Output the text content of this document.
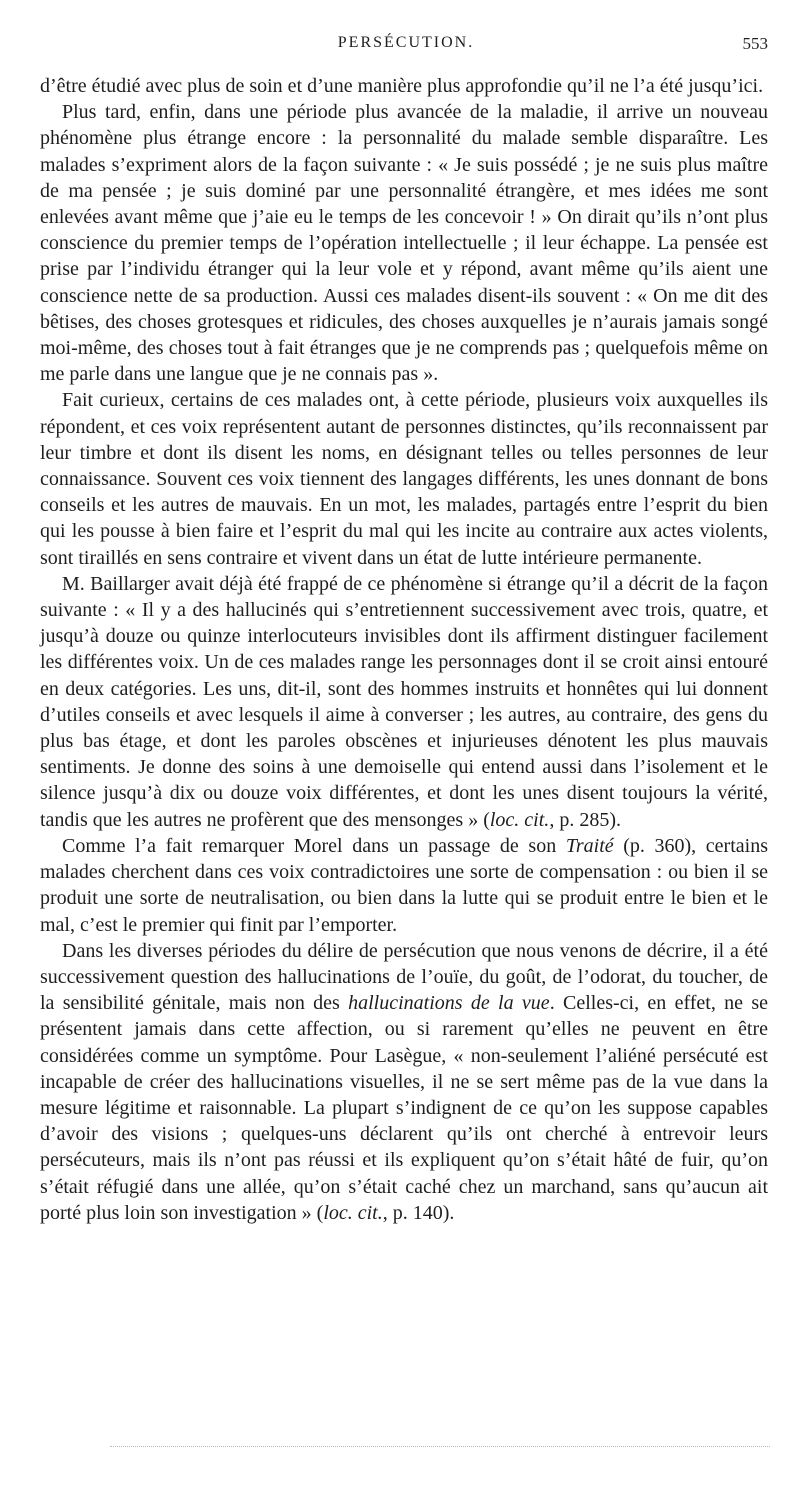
PERSÉCUTION.	553

d’être étudié avec plus de soin et d’une manière plus approfondie qu’il ne l’a été jusqu’ici.

Plus tard, enfin, dans une période plus avancée de la maladie, il arrive un nouveau phénomène plus étrange encore : la personnalité du malade semble disparaître. Les malades s’expriment alors de la façon suivante : « Je suis possédé ; je ne suis plus maître de ma pensée ; je suis dominé par une personnalité étrangère, et mes idées me sont enlevées avant même que j’aie eu le temps de les concevoir ! » On dirait qu’ils n’ont plus conscience du premier temps de l’opération intellectuelle ; il leur échappe. La pensée est prise par l’individu étranger qui la leur vole et y répond, avant même qu’ils aient une conscience nette de sa production. Aussi ces malades disent-ils souvent : « On me dit des bêtises, des choses grotesques et ridicules, des choses auxquelles je n’aurais jamais songé moi-même, des choses tout à fait étranges que je ne comprends pas ; quelquefois même on me parle dans une langue que je ne connais pas ».

Fait curieux, certains de ces malades ont, à cette période, plusieurs voix auxquelles ils répondent, et ces voix représentent autant de personnes distinctes, qu’ils reconnaissent par leur timbre et dont ils disent les noms, en désignant telles ou telles personnes de leur connaissance. Souvent ces voix tiennent des langages différents, les unes donnant de bons conseils et les autres de mauvais. En un mot, les malades, partagés entre l’esprit du bien qui les pousse à bien faire et l’esprit du mal qui les incite au contraire aux actes violents, sont tiraillés en sens contraire et vivent dans un état de lutte intérieure permanente.

M. Baillarger avait déjà été frappé de ce phénomène si étrange qu’il a décrit de la façon suivante : « Il y a des hallucinés qui s’entretiennent successivement avec trois, quatre, et jusqu’à douze ou quinze interlocuteurs invisibles dont ils affirment distinguer facilement les différentes voix. Un de ces malades range les personnages dont il se croit ainsi entouré en deux catégories. Les uns, dit-il, sont des hommes instruits et honnêtes qui lui donnent d’utiles conseils et avec lesquels il aime à converser ; les autres, au contraire, des gens du plus bas étage, et dont les paroles obscènes et injurieuses dénotent les plus mauvais sentiments. Je donne des soins à une demoiselle qui entend aussi dans l’isolement et le silence jusqu’à dix ou douze voix différentes, et dont les unes disent toujours la vérité, tandis que les autres ne profèrent que des mensonges » (loc. cit., p. 285).

Comme l’a fait remarquer Morel dans un passage de son Traité (p. 360), certains malades cherchent dans ces voix contradictoires une sorte de compensation : ou bien il se produit une sorte de neutralisation, ou bien dans la lutte qui se produit entre le bien et le mal, c’est le premier qui finit par l’emporter.

Dans les diverses périodes du délire de persécution que nous venons de décrire, il a été successivement question des hallucinations de l’ouïe, du goût, de l’odorat, du toucher, de la sensibilité génitale, mais non des hallucinations de la vue. Celles-ci, en effet, ne se présentent jamais dans cette affection, ou si rarement qu’elles ne peuvent en être considérées comme un symptôme. Pour Lasègue, « non-seulement l’aliéné persécuté est incapable de créer des hallucinations visuelles, il ne se sert même pas de la vue dans la mesure légitime et raisonnable. La plupart s’indignent de ce qu’on les suppose capables d’avoir des visions ; quelques-uns déclarent qu’ils ont cherché à entrevoir leurs persécuteurs, mais ils n’ont pas réussi et ils expliquent qu’on s’était hâté de fuir, qu’on s’était réfugié dans une allée, qu’on s’était caché chez un marchand, sans qu’aucun ait porté plus loin son investigation » (loc. cit., p. 140).
